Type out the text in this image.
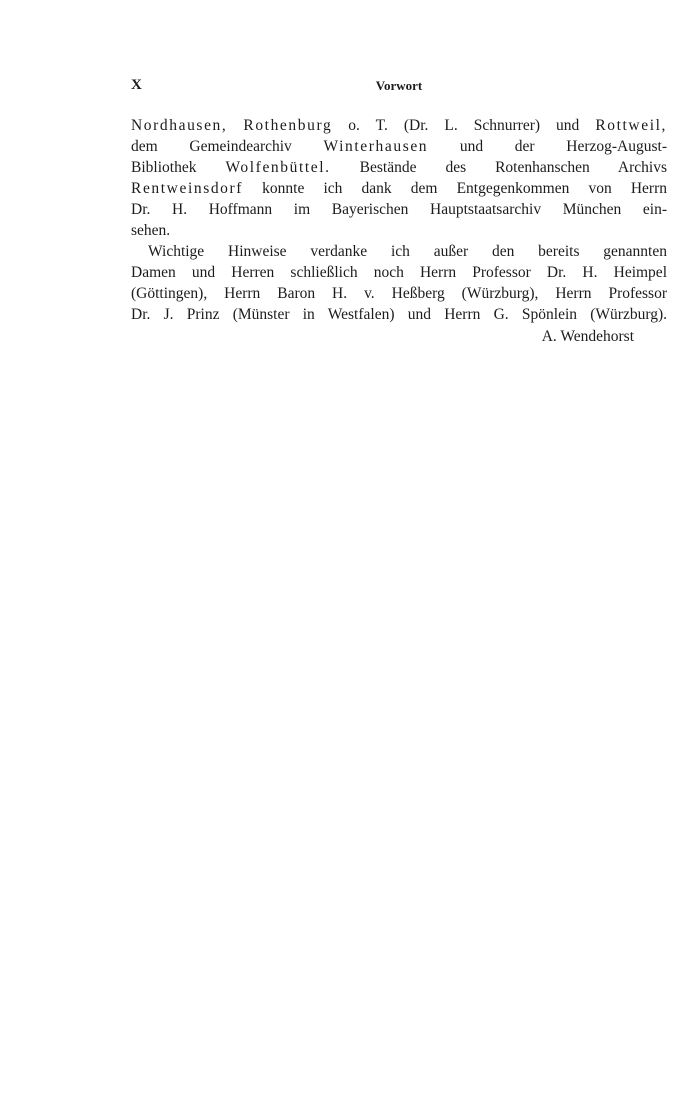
X	Vorwort
Nordhausen, Rothenburg o. T. (Dr. L. Schnurrer) und Rottweil,
dem Gemeindearchiv Winterhausen und der Herzog-August-
Bibliothek Wolfenbüttel. Bestände des Rotenhanschen Archivs
Rentweinsdorf konnte ich dank dem Entgegenkommen von Herrn
Dr. H. Hoffmann im Bayerischen Hauptstaatsarchiv München ein-
sehen.
Wichtige Hinweise verdanke ich außer den bereits genannten
Damen und Herren schließlich noch Herrn Professor Dr. H. Heimpel
(Göttingen), Herrn Baron H. v. Heßberg (Würzburg), Herrn Professor
Dr. J. Prinz (Münster in Westfalen) und Herrn G. Spönlein (Würzburg).
A. Wendehorst
